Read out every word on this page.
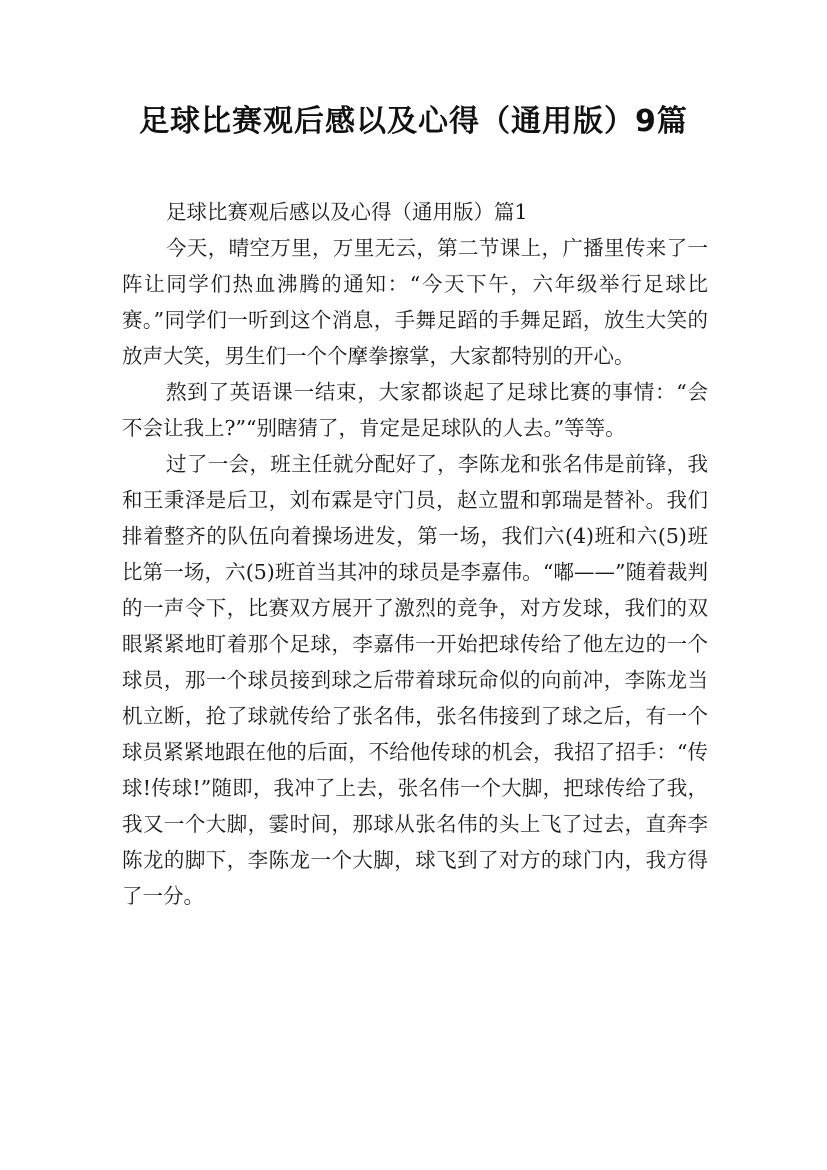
足球比赛观后感以及心得（通用版）9篇

足球比赛观后感以及心得（通用版）篇1

今天，晴空万里，万里无云，第二节课上，广播里传来了一阵让同学们热血沸腾的通知：“今天下午，六年级举行足球比赛。”同学们一听到这个消息，手舞足蹈的手舞足蹈，放生大笑的放声大笑，男生们一个个摩拳擦掌，大家都特别的开心。

熬到了英语课一结束，大家都谈起了足球比赛的事情：“会不会让我上?”“别瞎猜了，肯定是足球队的人去。”等等。

过了一会，班主任就分配好了，李陈龙和张名伟是前锋，我和王秉泽是后卫，刘布霖是守门员，赵立盟和郭瑞是替补。我们排着整齐的队伍向着操场进发，第一场，我们六(4)班和六(5)班比第一场，六(5)班首当其冲的球员是李嘉伟。“嘟——”随着裁判的一声令下，比赛双方展开了激烈的竞争，对方发球，我们的双眼紧紧地盯着那个足球，李嘉伟一开始把球传给了他左边的一个球员，那一个球员接到球之后带着球玩命似的向前冲，李陈龙当机立断，抢了球就传给了张名伟，张名伟接到了球之后，有一个球员紧紧地跟在他的后面，不给他传球的机会，我招了招手：“传球!传球!”随即，我冲了上去，张名伟一个大脚，把球传给了我，我又一个大脚，霎时间，那球从张名伟的头上飞了过去，直奔李陈龙的脚下，李陈龙一个大脚，球飞到了对方的球门内，我方得了一分。
